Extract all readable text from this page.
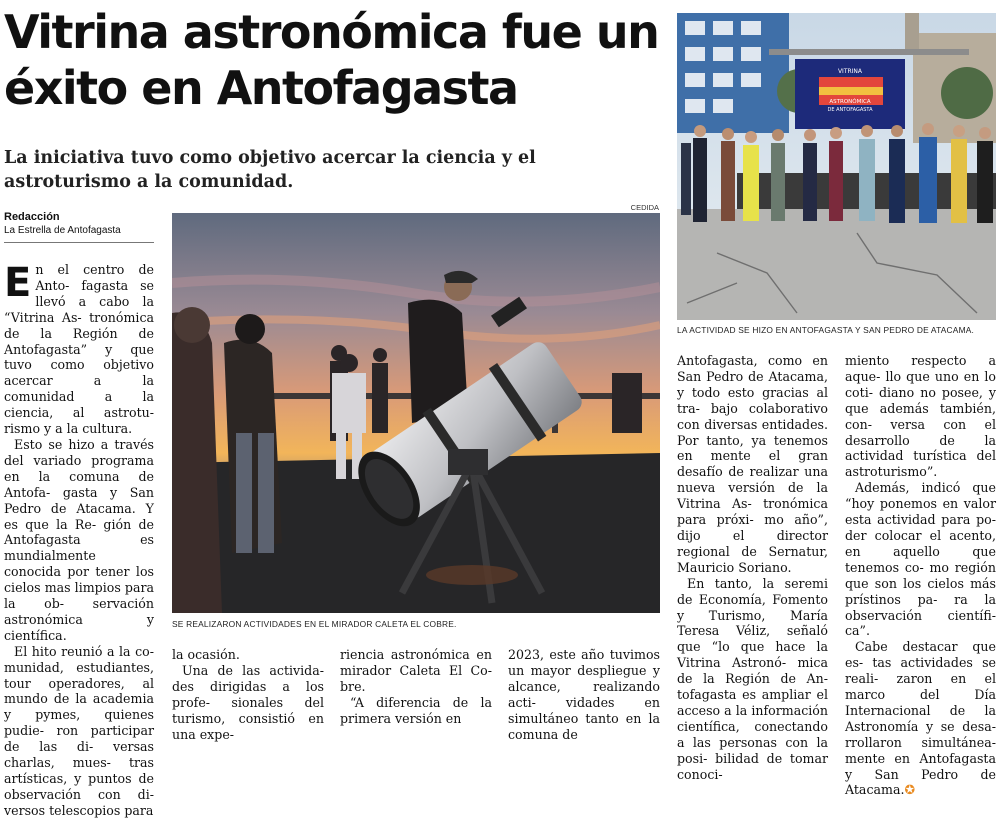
Vitrina astronómica fue un éxito en Antofagasta

La iniciativa tuvo como objetivo acercar la ciencia y el astroturismo a la comunidad.

Redacción
La Estrella de Antofagasta
VITRINA
ASTRONÓMICA
DE ANTOFAGASTA
LA ACTIVIDAD SE HIZO EN ANTOFAGASTA Y SAN PEDRO DE ATACAMA.
CEDIDA
SE REALIZARON ACTIVIDADES EN EL MIRADOR CALETA EL COBRE.

En el centro de Anto- fagasta se llevó a cabo la “Vitrina As- tronómica de la Región de Antofagasta” y que tuvo como objetivo acercar a la comunidad a la ciencia, al astrotu- rismo y a la cultura.

Esto se hizo a través del variado programa en la comuna de Antofa- gasta y San Pedro de Atacama. Y es que la Re- gión de Antofagasta es mundialmente conocida por tener los cielos mas limpios para la ob- servación astronómica y científica.

El hito reunió a la co- munidad, estudiantes, tour operadores, al mundo de la academia y pymes, quienes pudie- ron participar de las di- versas charlas, mues- tras artísticas, y puntos de observación con di- versos telescopios para

la ocasión.

Una de las activida- des dirigidas a los profe- sionales del turismo, consistió en una expe-

riencia astronómica en mirador Caleta El Co- bre.

“A diferencia de la primera versión en

2023, este año tuvimos un mayor despliegue y alcance, realizando acti- vidades en simultáneo tanto en la comuna de

Antofagasta, como en San Pedro de Atacama, y todo esto gracias al tra- bajo colaborativo con diversas entidades. Por tanto, ya tenemos en mente el gran desafío de realizar una nueva versión de la Vitrina As- tronómica para próxi- mo año”, dijo el director regional de Sernatur, Mauricio Soriano.

En tanto, la seremi de Economía, Fomento y Turismo, María Teresa Véliz, señaló que “lo que hace la Vitrina Astronó- mica de la Región de An- tofagasta es ampliar el acceso a la información científica, conectando a las personas con la posi- bilidad de tomar conoci-

miento respecto a aque- llo que uno en lo coti- diano no posee, y que además también, con- versa con el desarrollo de la actividad turística del astroturismo”.

Además, indicó que “hoy ponemos en valor esta actividad para po- der colocar el acento, en aquello que tenemos co- mo región que son los cielos más prístinos pa- ra la observación científi- ca”.

Cabe destacar que es- tas actividades se reali- zaron en el marco del Día Internacional de la Astronomía y se desa- rrollaron simultánea- mente en Antofagasta y San Pedro de Atacama.✪
